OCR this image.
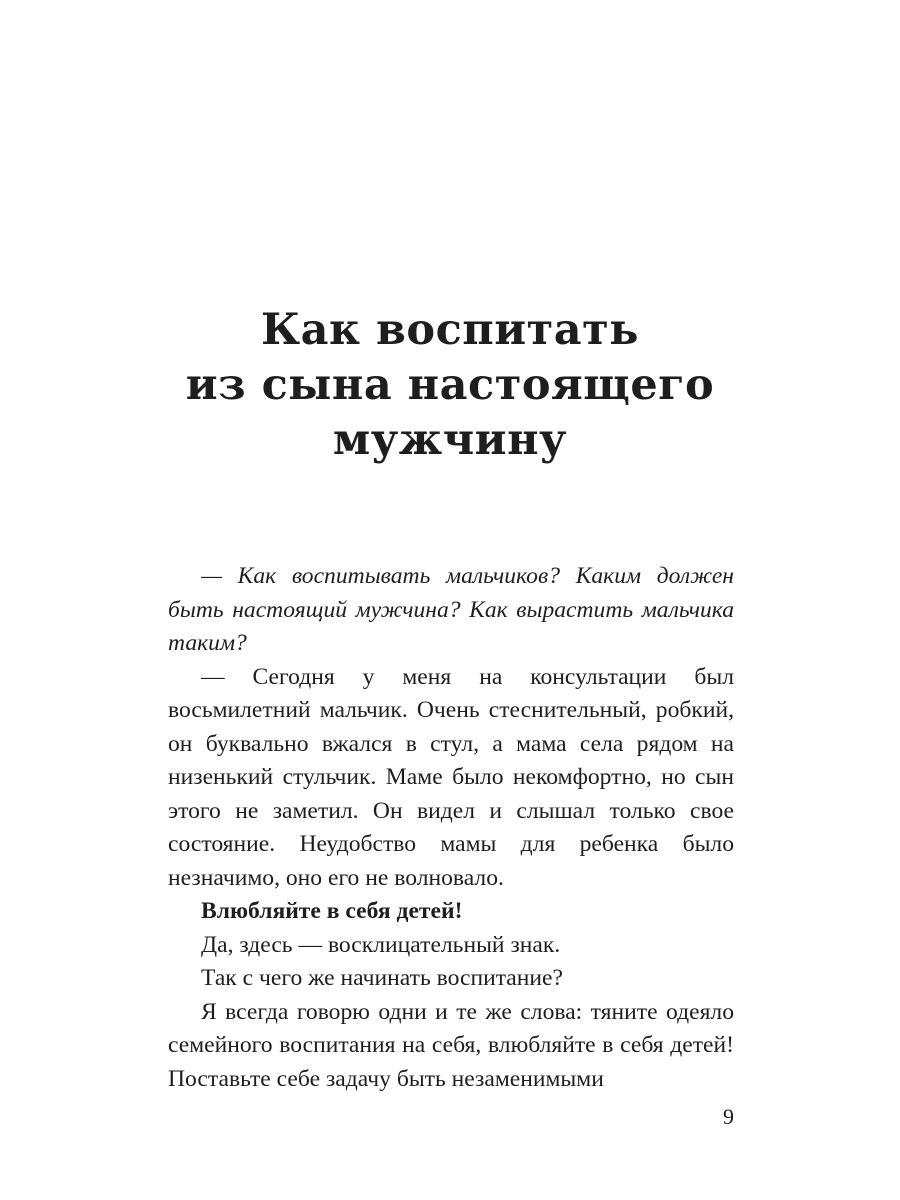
Как воспитать
из сына настоящего
мужчину

— Как воспитывать мальчиков? Каким должен быть настоящий мужчина? Как вырастить мальчика таким?

— Сегодня у меня на консультации был восьмилетний мальчик. Очень стеснительный, робкий, он буквально вжался в стул, а мама села рядом на низенький стульчик. Маме было некомфортно, но сын этого не заметил. Он видел и слышал только свое состояние. Неудобство мамы для ребенка было незначимо, оно его не волновало.

Влюбляйте в себя детей!

Да, здесь — восклицательный знак.

Так с чего же начинать воспитание?

Я всегда говорю одни и те же слова: тяните одеяло семейного воспитания на себя, влюбляйте в себя детей! Поставьте себе задачу быть незаменимыми

9
